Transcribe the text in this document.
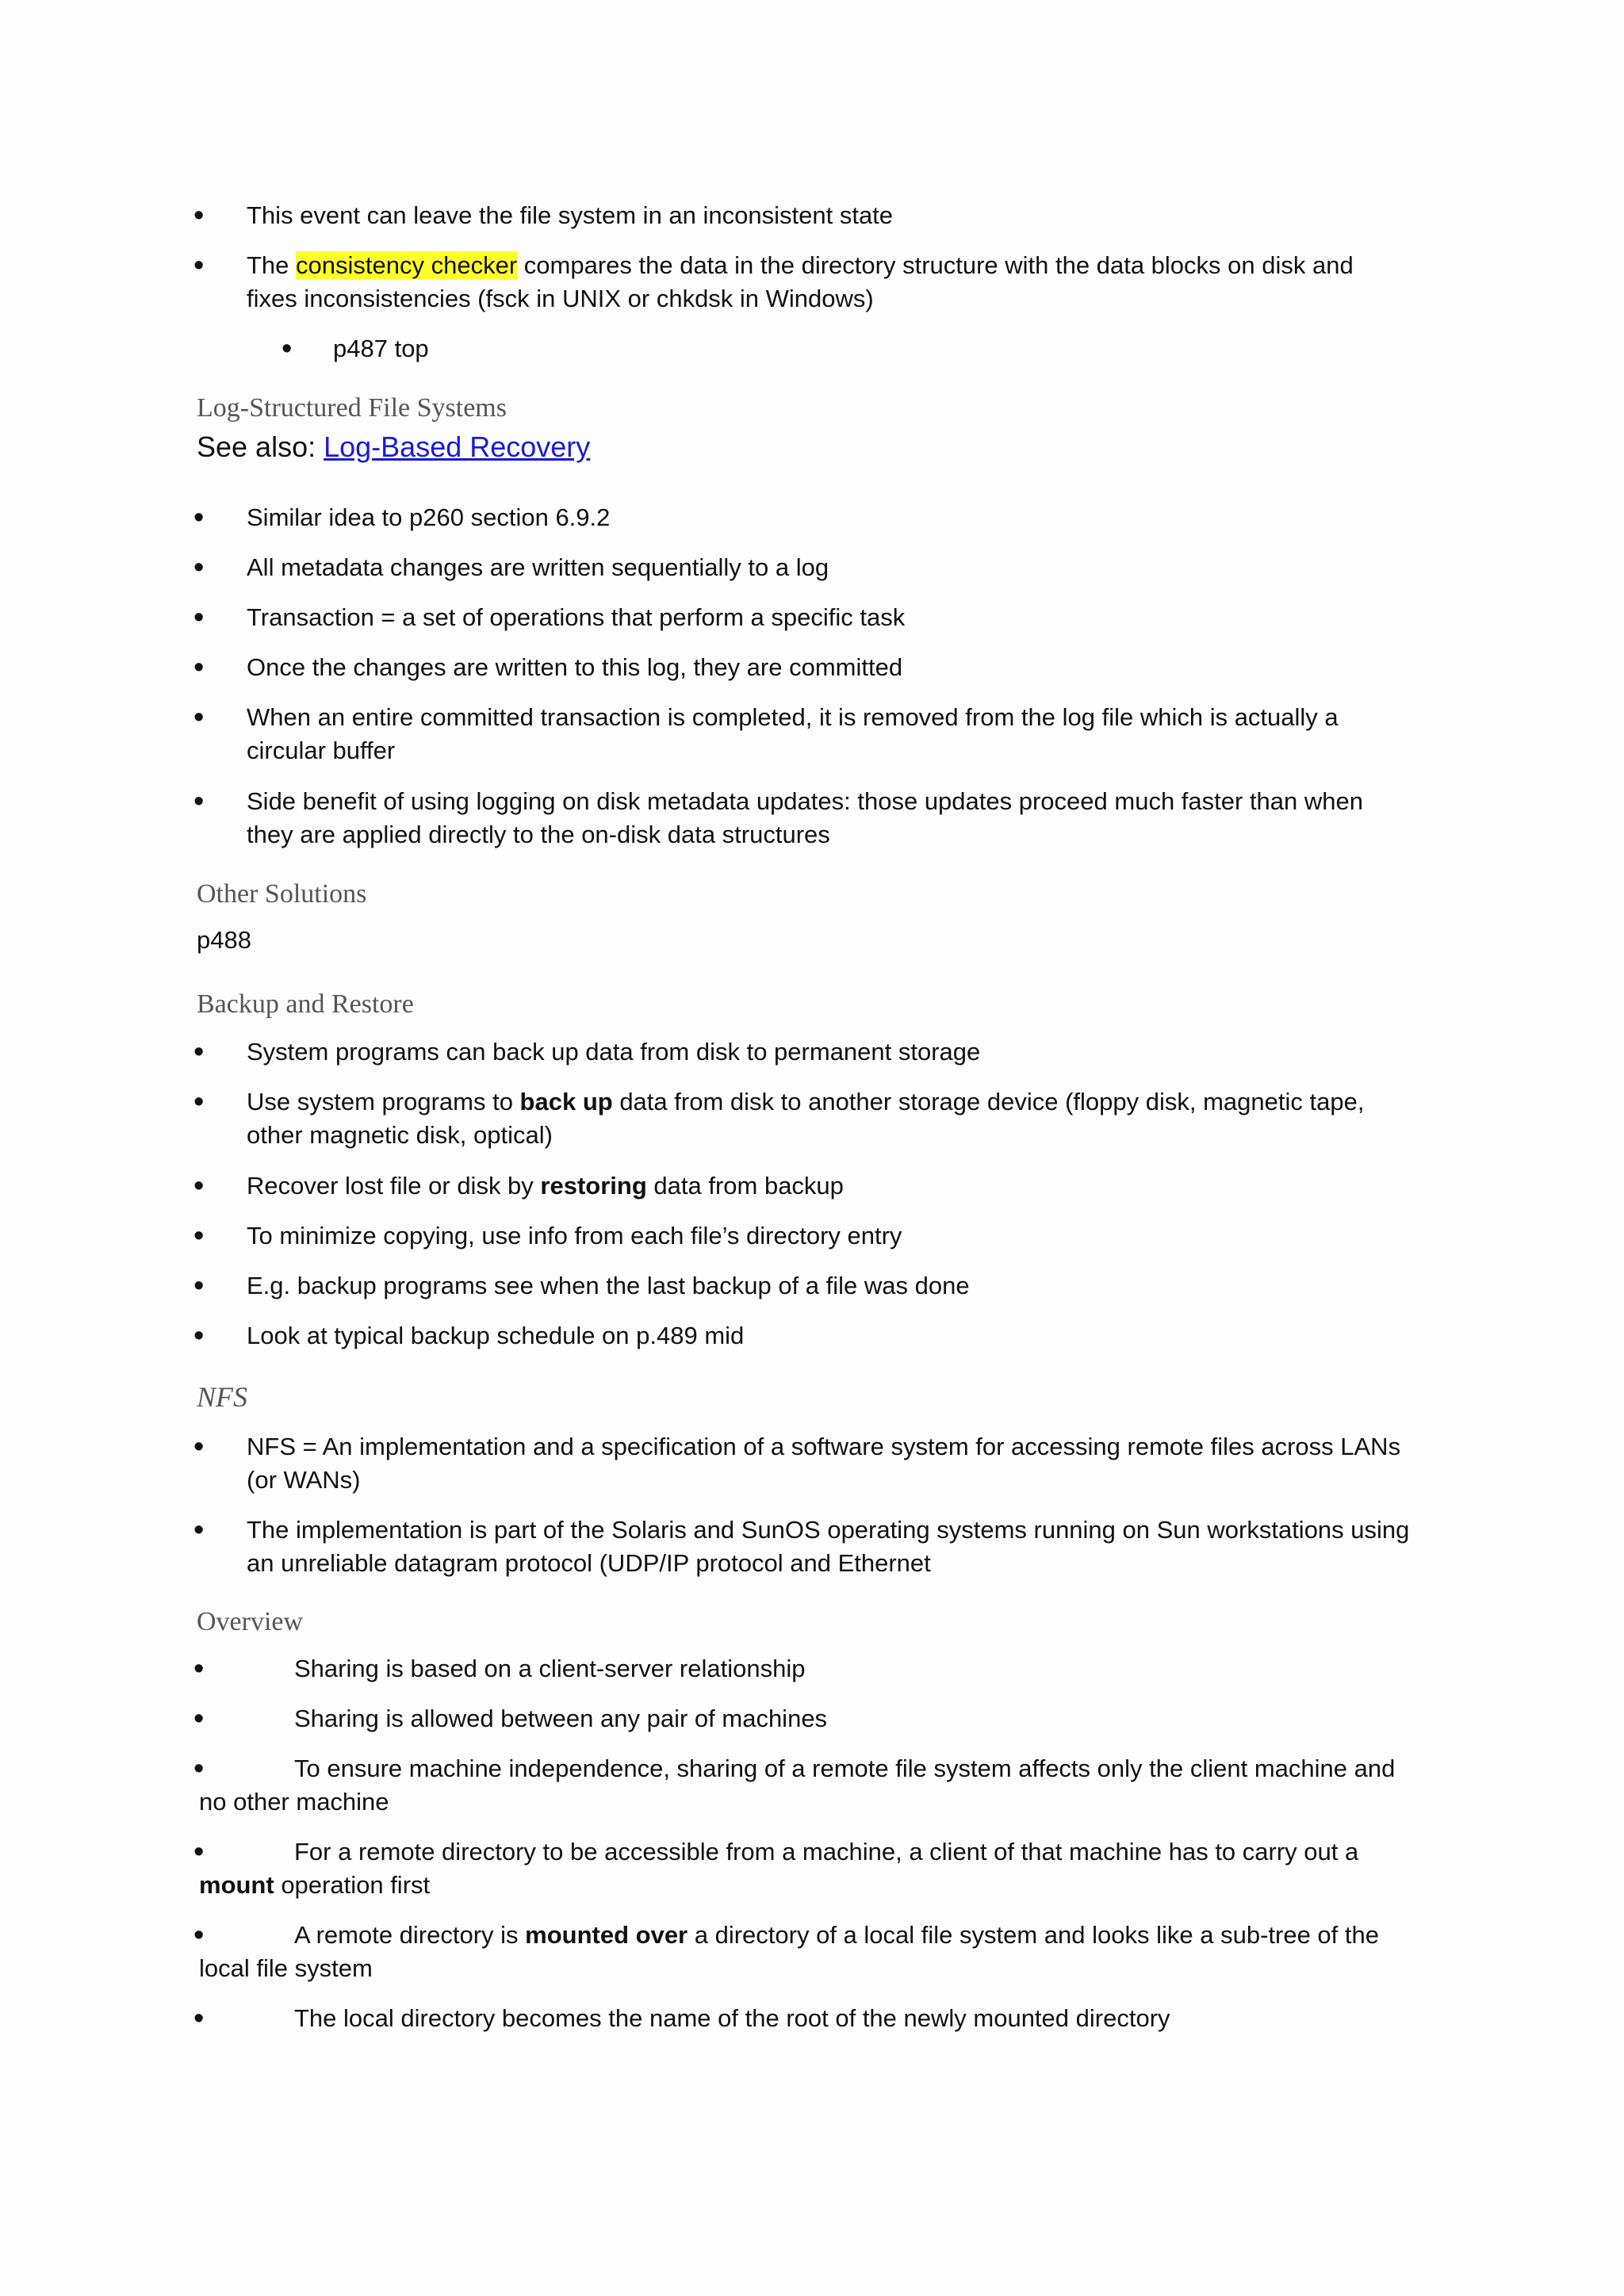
• This event can leave the file system in an inconsistent state
• The consistency checker compares the data in the directory structure with the data blocks on disk and
fixes inconsistencies (fsck in UNIX or chkdsk in Windows)
• p487 top
Log-Structured File Systems
See also: Log-Based Recovery
• Similar idea to p260 section 6.9.2
• All metadata changes are written sequentially to a log
• Transaction = a set of operations that perform a specific task
• Once the changes are written to this log, they are committed
• When an entire committed transaction is completed, it is removed from the log file which is actually a
circular buffer
• Side benefit of using logging on disk metadata updates: those updates proceed much faster than when
they are applied directly to the on-disk data structures
Other Solutions
p488
Backup and Restore
• System programs can back up data from disk to permanent storage
• Use system programs to back up data from disk to another storage device (floppy disk, magnetic tape,
other magnetic disk, optical)
• Recover lost file or disk by restoring data from backup
• To minimize copying, use info from each file’s directory entry
• E.g. backup programs see when the last backup of a file was done
• Look at typical backup schedule on p.489 mid
NFS
• NFS = An implementation and a specification of a software system for accessing remote files across LANs
(or WANs)
• The implementation is part of the Solaris and SunOS operating systems running on Sun workstations using
an unreliable datagram protocol (UDP/IP protocol and Ethernet
Overview
•	Sharing is based on a client-server relationship
•	Sharing is allowed between any pair of machines
•	To ensure machine independence, sharing of a remote file system affects only the client machine and
no other machine
•	For a remote directory to be accessible from a machine, a client of that machine has to carry out a
mount operation first
•	A remote directory is mounted over a directory of a local file system and looks like a sub-tree of the
local file system
•	The local directory becomes the name of the root of the newly mounted directory
